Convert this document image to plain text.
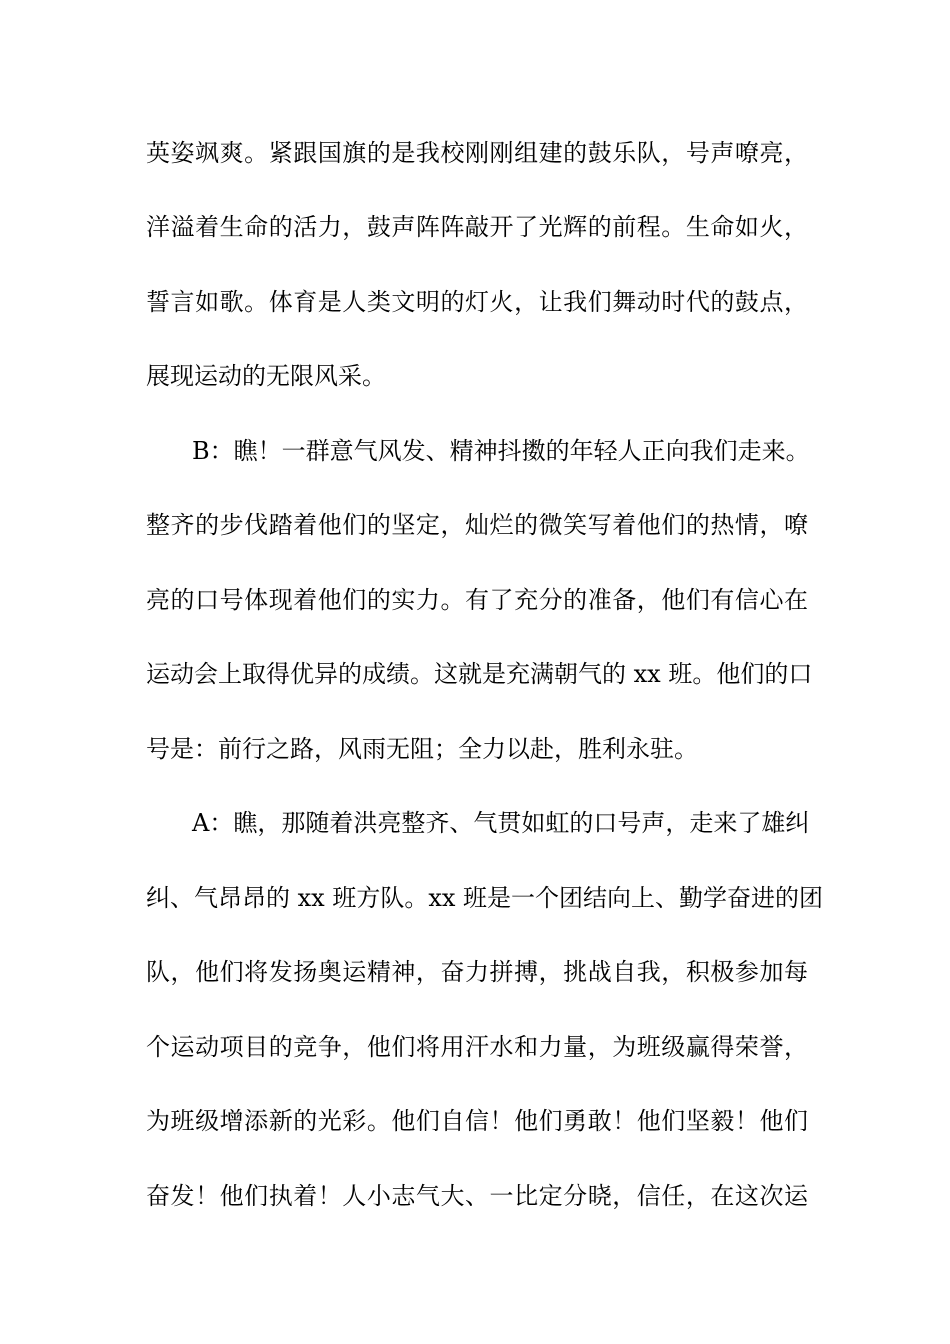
英姿飒爽。紧跟国旗的是我校刚刚组建的鼓乐队，号声嘹亮，
洋溢着生命的活力，鼓声阵阵敲开了光辉的前程。生命如火，
誓言如歌。体育是人类文明的灯火，让我们舞动时代的鼓点，
展现运动的无限风采。
B：瞧！一群意气风发、精神抖擞的年轻人正向我们走来。
整齐的步伐踏着他们的坚定，灿烂的微笑写着他们的热情，嘹
亮的口号体现着他们的实力。有了充分的准备，他们有信心在
运动会上取得优异的成绩。这就是充满朝气的 xx 班。他们的口
号是：前行之路，风雨无阻；全力以赴，胜利永驻。
A：瞧，那随着洪亮整齐、气贯如虹的口号声，走来了雄纠
纠、气昂昂的 xx 班方队。xx 班是一个团结向上、勤学奋进的团
队，他们将发扬奥运精神，奋力拼搏，挑战自我，积极参加每
个运动项目的竞争，他们将用汗水和力量，为班级赢得荣誉，
为班级增添新的光彩。他们自信！他们勇敢！他们坚毅！他们
奋发！他们执着！人小志气大、一比定分晓，信任，在这次运
